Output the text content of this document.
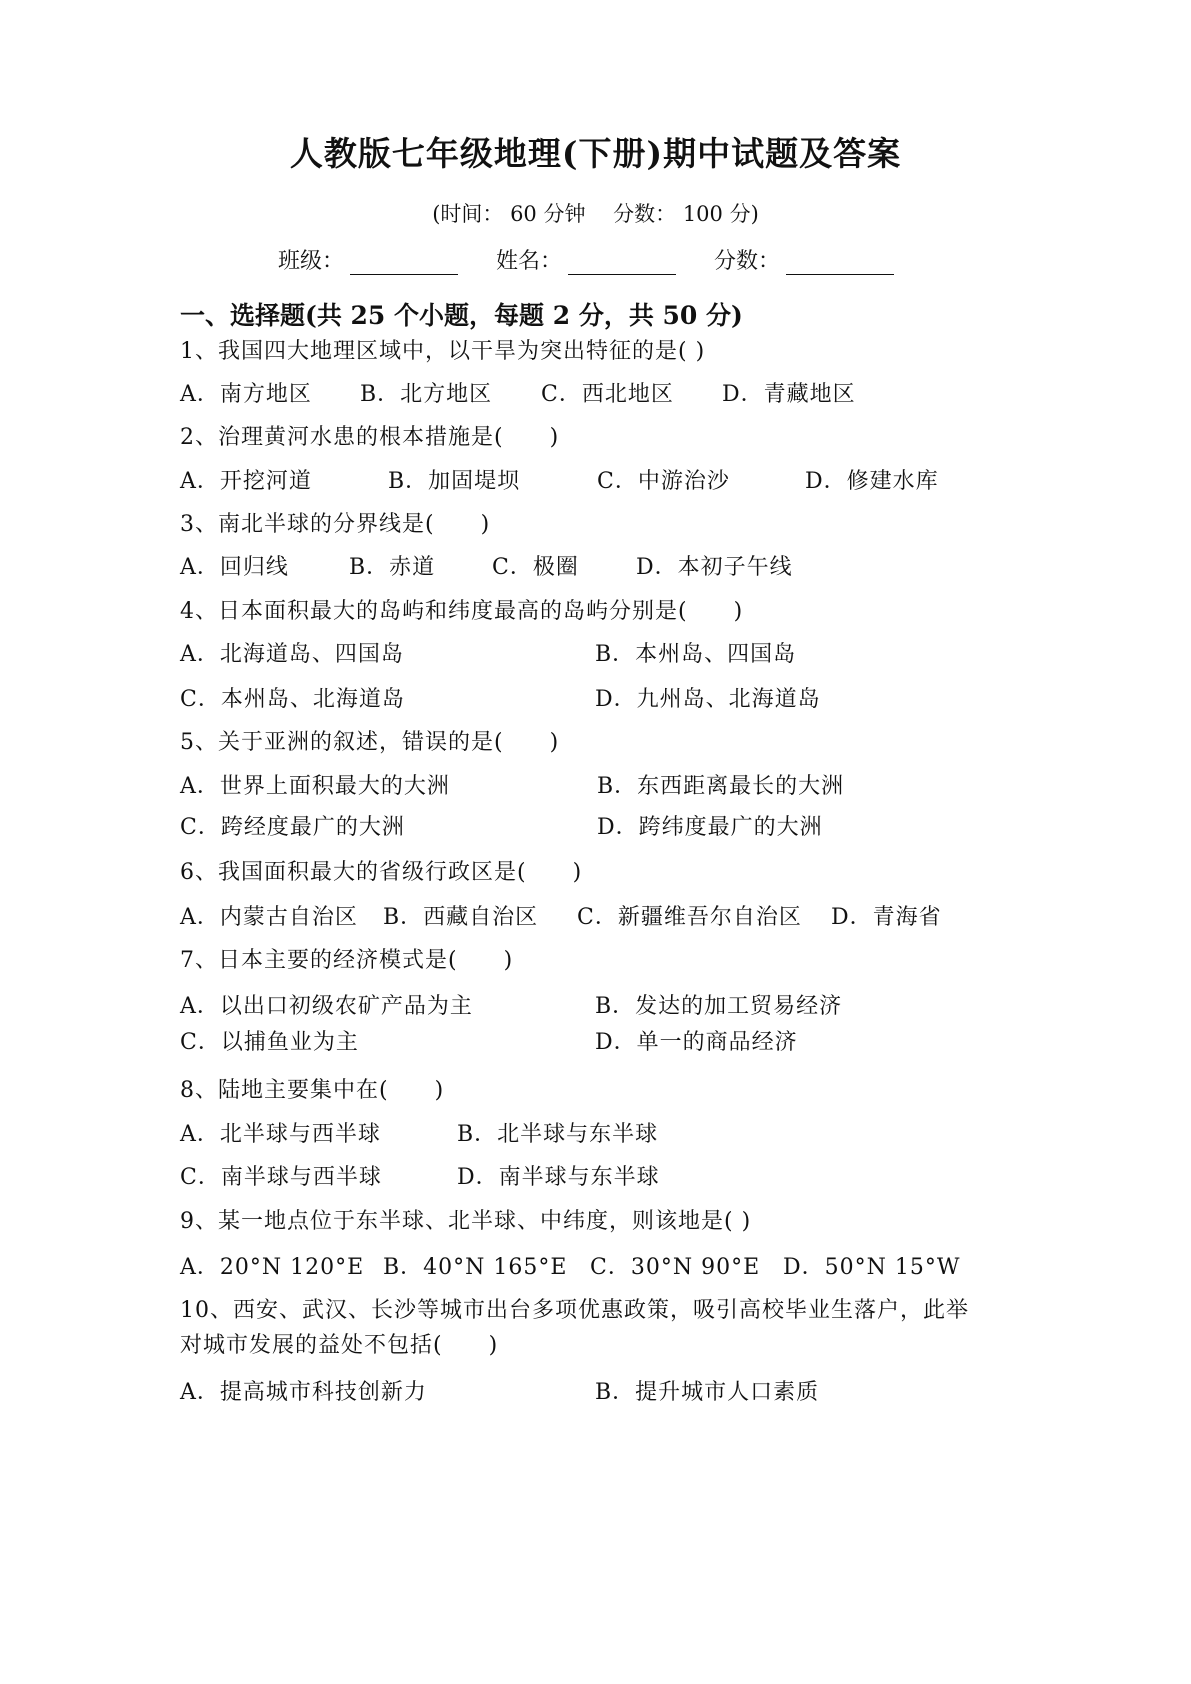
人教版七年级地理(下册)期中试题及答案
(时间： 60 分钟　 分数： 100 分)
班级：	姓名：	分数：
一、选择题(共 25 个小题，每题 2 分，共 50 分)
1、我国四大地理区域中，以干旱为突出特征的是( )
A．南方地区 B．北方地区 C．西北地区 D．青藏地区
2、治理黄河水患的根本措施是(　　)
A．开挖河道	B．加固堤坝	C．中游治沙	D．修建水库
3、南北半球的分界线是(　　)
A．回归线	B．赤道	C．极圈	D．本初子午线
4、日本面积最大的岛屿和纬度最高的岛屿分别是(　　)
A．北海道岛、四国岛	B．本州岛、四国岛
C．本州岛、北海道岛	D．九州岛、北海道岛
5、关于亚洲的叙述，错误的是(　　)
A．世界上面积最大的大洲	B．东西距离最长的大洲
C．跨经度最广的大洲	D．跨纬度最广的大洲
6、我国面积最大的省级行政区是(　　)
A．内蒙古自治区 B．西藏自治区 C．新疆维吾尔自治区 D．青海省
7、日本主要的经济模式是(　　)
A．以出口初级农矿产品为主	B．发达的加工贸易经济
C．以捕鱼业为主	D．单一的商品经济
8、陆地主要集中在(　　)
A．北半球与西半球	B．北半球与东半球
C．南半球与西半球	D．南半球与东半球
9、某一地点位于东半球、北半球、中纬度，则该地是( )
A．20°N 120°E B．40°N 165°E C．30°N 90°E D．50°N 15°W
10、西安、武汉、长沙等城市出台多项优惠政策，吸引高校毕业生落户，此举
对城市发展的益处不包括(　　)
A．提高城市科技创新力	B．提升城市人口素质
